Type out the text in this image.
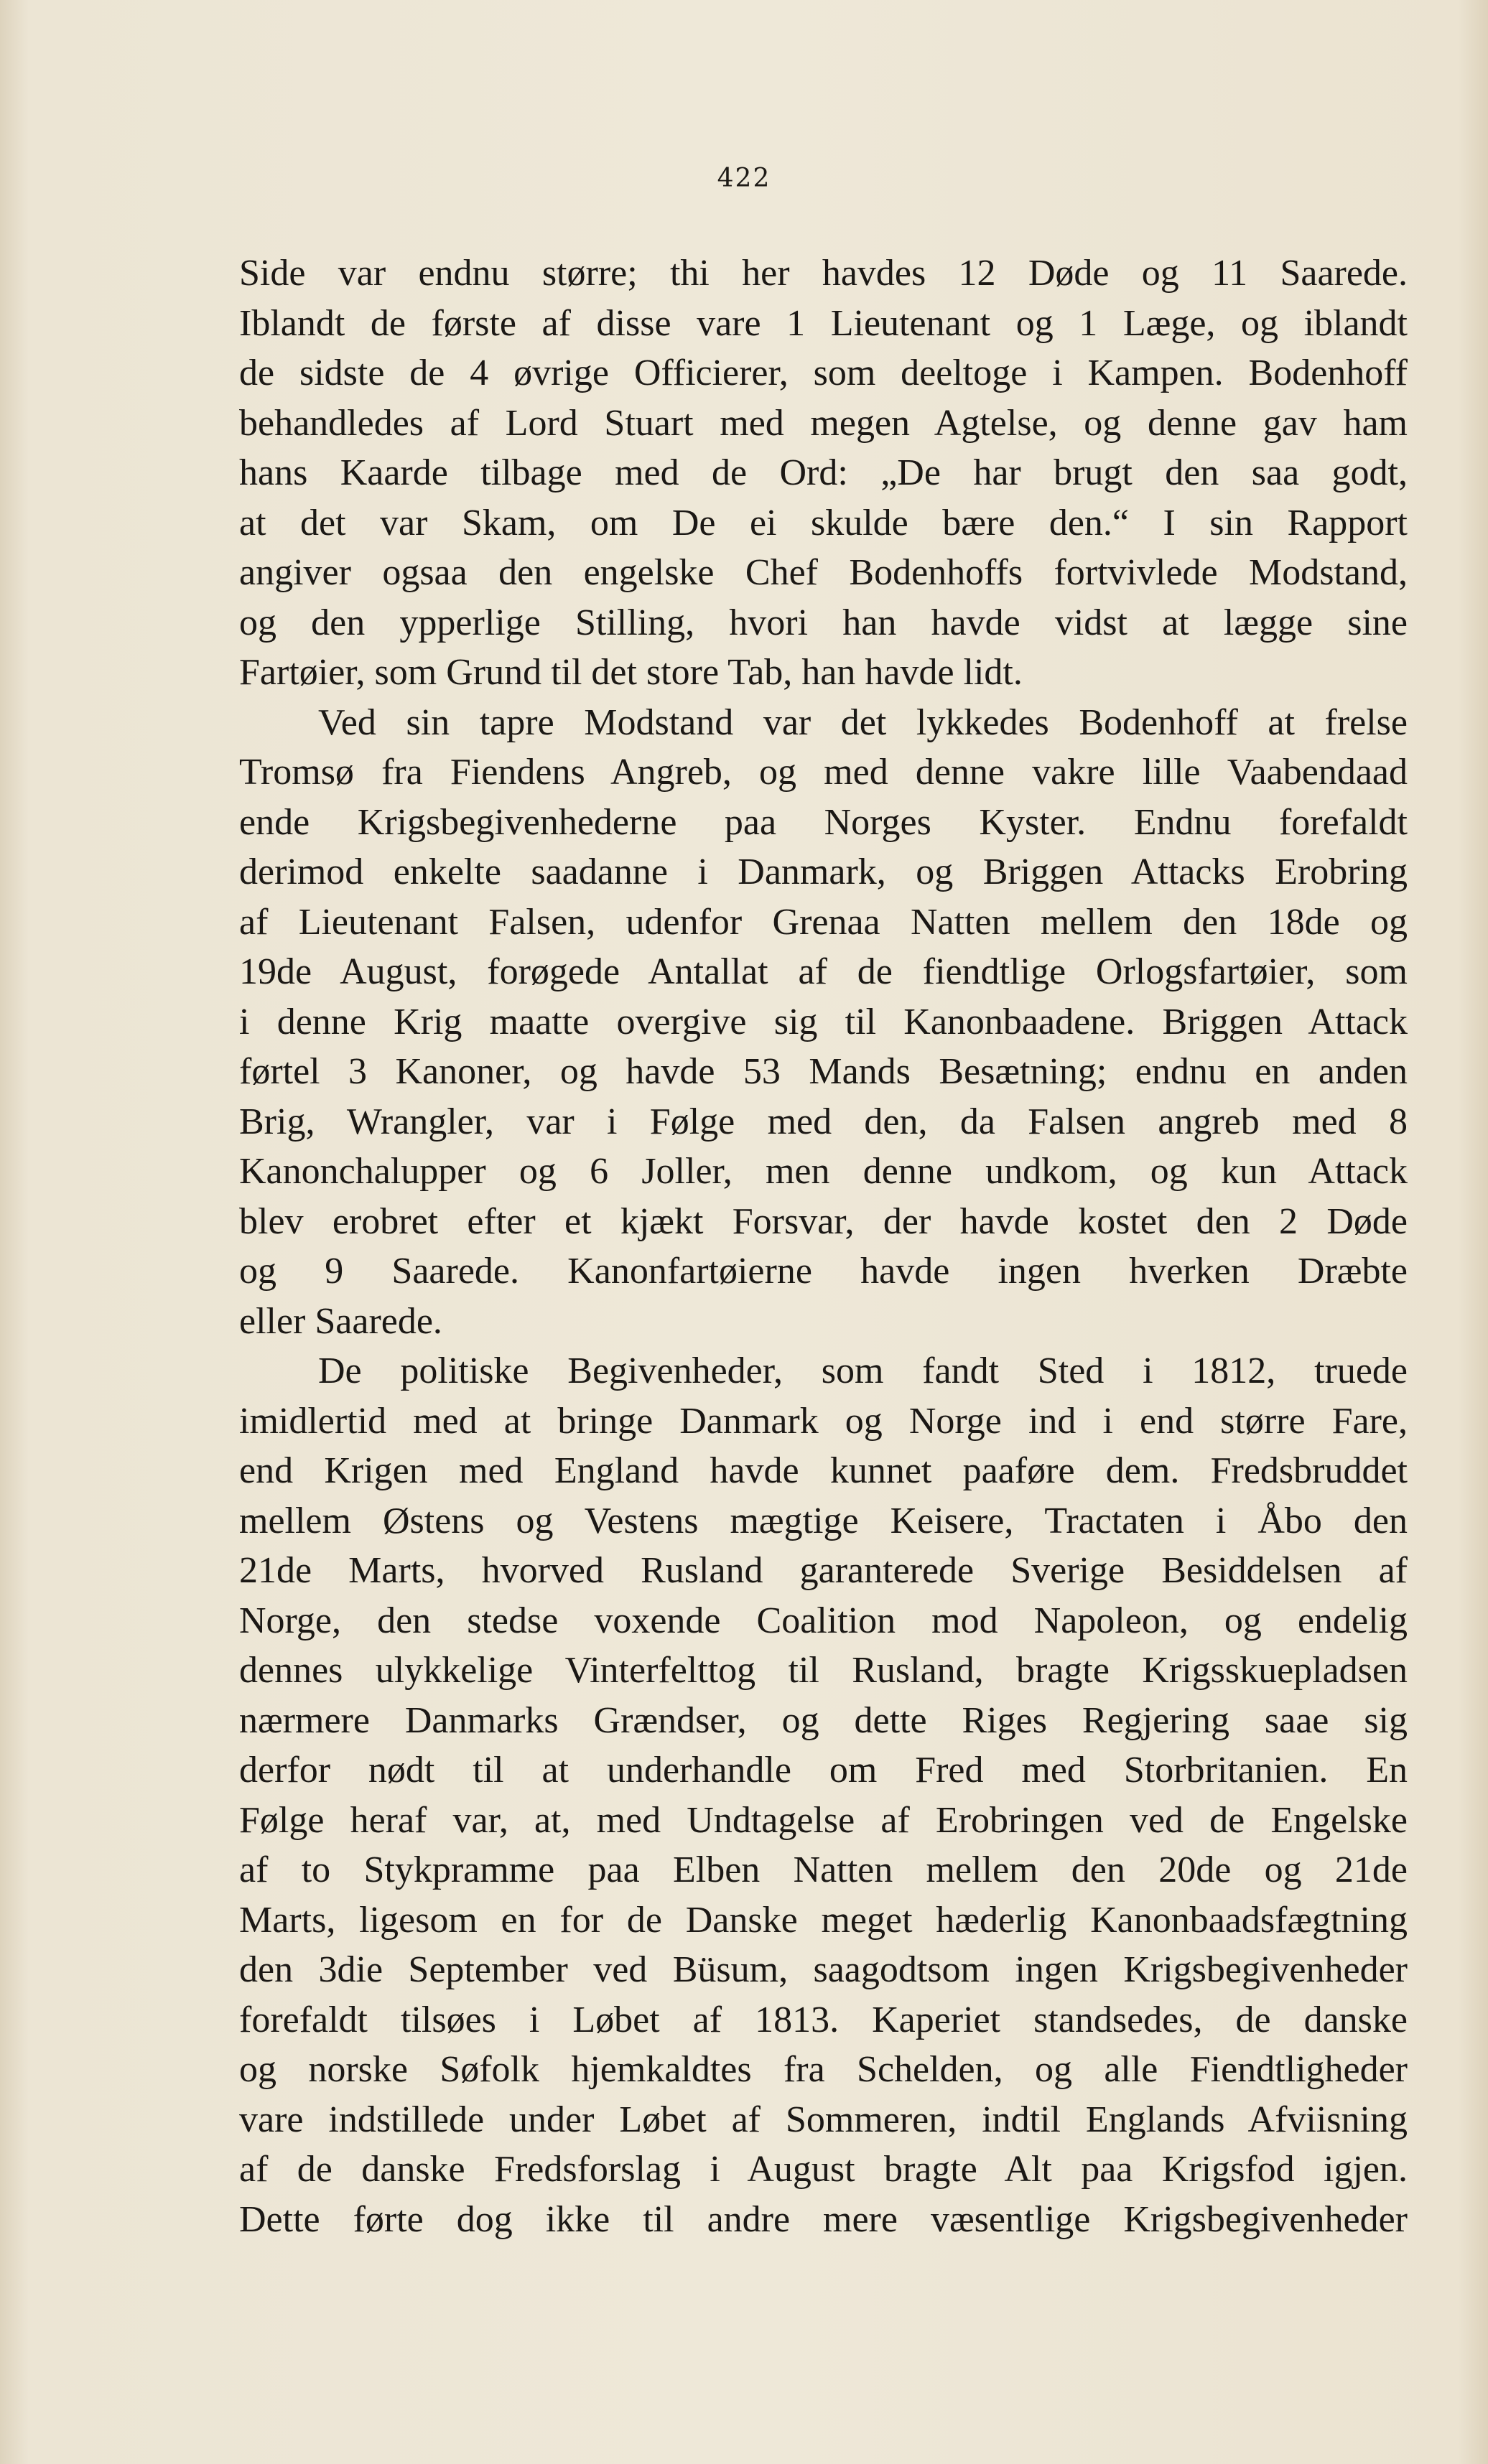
422
Side var endnu større; thi her havdes 12 Døde og 11 Saarede.
Iblandt de første af disse vare 1 Lieutenant og 1 Læge, og iblandt
de sidste de 4 øvrige Officierer, som deeltoge i Kampen. Bodenhoff
behandledes af Lord Stuart med megen Agtelse, og denne gav ham
hans Kaarde tilbage med de Ord: „De har brugt den saa godt,
at det var Skam, om De ei skulde bære den.“ I sin Rapport
angiver ogsaa den engelske Chef Bodenhoffs fortvivlede Modstand,
og den ypperlige Stilling, hvori han havde vidst at lægge sine
Fartøier, som Grund til det store Tab, han havde lidt.
Ved sin tapre Modstand var det lykkedes Bodenhoff at frelse
Tromsø fra Fiendens Angreb, og med denne vakre lille Vaabendaad
ende Krigsbegivenhederne paa Norges Kyster. Endnu forefaldt
derimod enkelte saadanne i Danmark, og Briggen Attacks Erobring
af Lieutenant Falsen, udenfor Grenaa Natten mellem den 18de og
19de August, forøgede Antallat af de fiendtlige Orlogsfartøier, som
i denne Krig maatte overgive sig til Kanonbaadene. Briggen Attack
førtel 3 Kanoner, og havde 53 Mands Besætning; endnu en anden
Brig, Wrangler, var i Følge med den, da Falsen angreb med 8
Kanonchalupper og 6 Joller, men denne undkom, og kun Attack
blev erobret efter et kjækt Forsvar, der havde kostet den 2 Døde
og 9 Saarede. Kanonfartøierne havde ingen hverken Dræbte
eller Saarede.
De politiske Begivenheder, som fandt Sted i 1812, truede
imidlertid med at bringe Danmark og Norge ind i end større Fare,
end Krigen med England havde kunnet paaføre dem. Fredsbruddet
mellem Østens og Vestens mægtige Keisere, Tractaten i Åbo den
21de Marts, hvorved Rusland garanterede Sverige Besiddelsen af
Norge, den stedse voxende Coalition mod Napoleon, og endelig
dennes ulykkelige Vinterfelttog til Rusland, bragte Krigsskuepladsen
nærmere Danmarks Grændser, og dette Riges Regjering saae sig
derfor nødt til at underhandle om Fred med Storbritanien. En
Følge heraf var, at, med Undtagelse af Erobringen ved de Engelske
af to Stykpramme paa Elben Natten mellem den 20de og 21de
Marts, ligesom en for de Danske meget hæderlig Kanonbaadsfægtning
den 3die September ved Büsum, saagodtsom ingen Krigsbegivenheder
forefaldt tilsøes i Løbet af 1813. Kaperiet standsedes, de danske
og norske Søfolk hjemkaldtes fra Schelden, og alle Fiendtligheder
vare indstillede under Løbet af Sommeren, indtil Englands Afviisning
af de danske Fredsforslag i August bragte Alt paa Krigsfod igjen.
Dette førte dog ikke til andre mere væsentlige Krigsbegivenheder
